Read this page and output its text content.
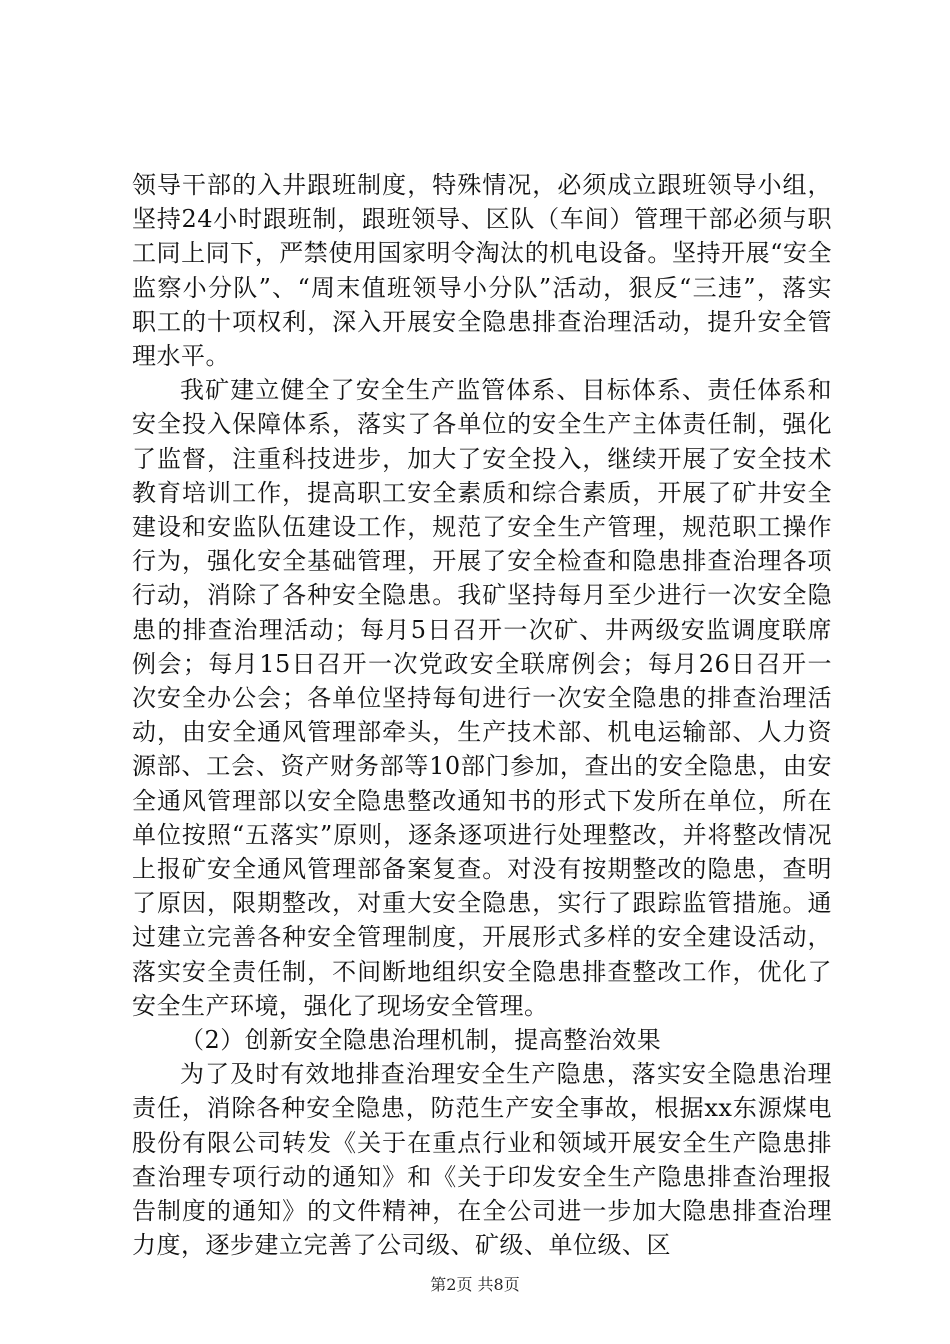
领导干部的入井跟班制度，特殊情况，必须成立跟班领导小组，坚持24小时跟班制，跟班领导、区队（车间）管理干部必须与职工同上同下，严禁使用国家明令淘汰的机电设备。坚持开展“安全监察小分队”、“周末值班领导小分队”活动，狠反“三违”，落实职工的十项权利，深入开展安全隐患排查治理活动，提升安全管理水平。

我矿建立健全了安全生产监管体系、目标体系、责任体系和安全投入保障体系，落实了各单位的安全生产主体责任制，强化了监督，注重科技进步，加大了安全投入，继续开展了安全技术教育培训工作，提高职工安全素质和综合素质，开展了矿井安全建设和安监队伍建设工作，规范了安全生产管理，规范职工操作行为，强化安全基础管理，开展了安全检查和隐患排查治理各项行动，消除了各种安全隐患。我矿坚持每月至少进行一次安全隐患的排查治理活动；每月5日召开一次矿、井两级安监调度联席例会；每月15日召开一次党政安全联席例会；每月26日召开一次安全办公会；各单位坚持每旬进行一次安全隐患的排查治理活动，由安全通风管理部牵头，生产技术部、机电运输部、人力资源部、工会、资产财务部等10部门参加，查出的安全隐患，由安全通风管理部以安全隐患整改通知书的形式下发所在单位，所在单位按照“五落实”原则，逐条逐项进行处理整改，并将整改情况上报矿安全通风管理部备案复查。对没有按期整改的隐患，查明了原因，限期整改，对重大安全隐患，实行了跟踪监管措施。通过建立完善各种安全管理制度，开展形式多样的安全建设活动，落实安全责任制，不间断地组织安全隐患排查整改工作，优化了安全生产环境，强化了现场安全管理。

（2）创新安全隐患治理机制，提高整治效果

为了及时有效地排查治理安全生产隐患，落实安全隐患治理责任，消除各种安全隐患，防范生产安全事故，根据xx东源煤电股份有限公司转发《关于在重点行业和领域开展安全生产隐患排查治理专项行动的通知》和《关于印发安全生产隐患排查治理报告制度的通知》的文件精神，在全公司进一步加大隐患排查治理力度，逐步建立完善了公司级、矿级、单位级、区

第2页 共8页
